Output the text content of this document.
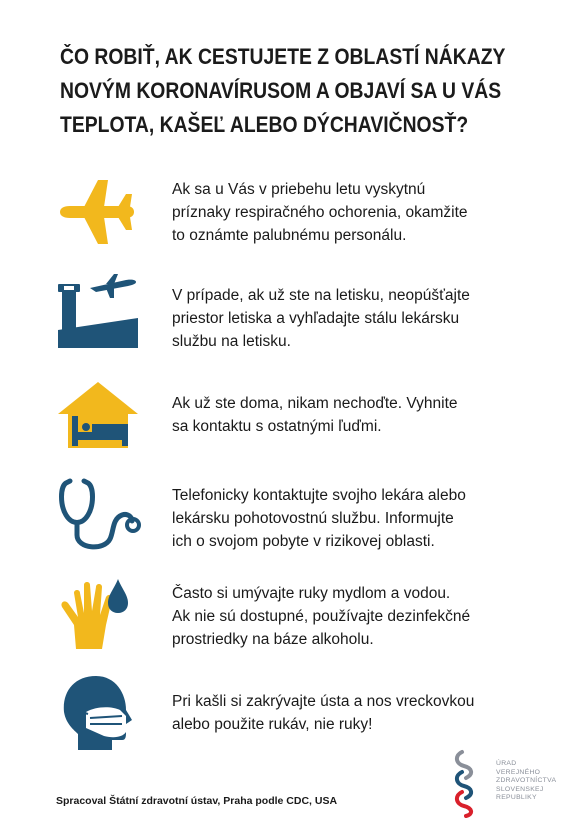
ČO ROBIŤ, AK CESTUJETE Z OBLASTÍ NÁKAZY
NOVÝM KORONAVÍRUSOM A OBJAVÍ SA U VÁS
TEPLOTA, KAŠEĽ ALEBO DÝCHAVIČNOSŤ?
Ak sa u Vás v priebehu letu vyskytnú
príznaky respiračného ochorenia, okamžite
to oznámte palubnému personálu.
V prípade, ak už ste na letisku, neopúšťajte
priestor letiska a vyhľadajte stálu lekársku
službu na letisku.
Ak už ste doma, nikam nechoďte. Vyhnite
sa kontaktu s ostatnými ľuďmi.
Telefonicky kontaktujte svojho lekára alebo
lekársku pohotovostnú službu. Informujte
ich o svojom pobyte v rizikovej oblasti.
Často si umývajte ruky mydlom a vodou.
Ak nie sú dostupné, používajte dezinfekčné
prostriedky na báze alkoholu.
Pri kašli si zakrývajte ústa a nos vreckovkou
alebo použite rukáv, nie ruky!
Spracoval Štátní zdravotní ústav, Praha podle CDC, USA
ÚRAD
VEREJNÉHO
ZDRAVOTNÍCTVA
SLOVENSKEJ
REPUBLIKY
